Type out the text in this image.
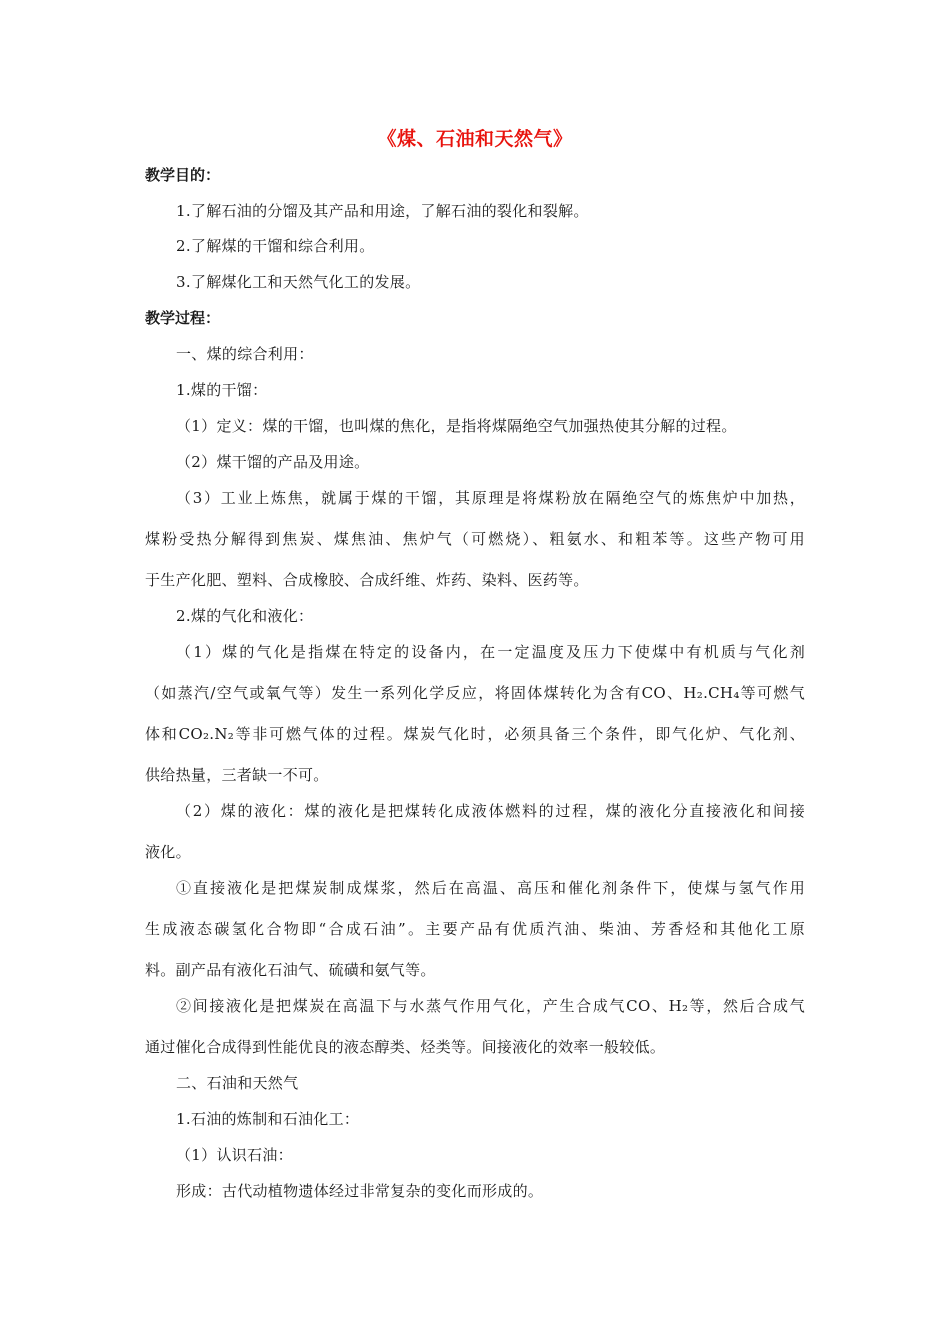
《煤、石油和天然气》
教学目的：
1.了解石油的分馏及其产品和用途，了解石油的裂化和裂解。
2.了解煤的干馏和综合利用。
3.了解煤化工和天然气化工的发展。
教学过程：
一、煤的综合利用：
1.煤的干馏：
（1）定义：煤的干馏，也叫煤的焦化，是指将煤隔绝空气加强热使其分解的过程。
（2）煤干馏的产品及用途。
（3）工业上炼焦，就属于煤的干馏，其原理是将煤粉放在隔绝空气的炼焦炉中加热，
煤粉受热分解得到焦炭、煤焦油、焦炉气（可燃烧）、粗氨水、和粗苯等。这些产物可用
于生产化肥、塑料、合成橡胶、合成纤维、炸药、染料、医药等。
2.煤的气化和液化：
（1）煤的气化是指煤在特定的设备内，在一定温度及压力下使煤中有机质与气化剂
（如蒸汽/空气或氧气等）发生一系列化学反应，将固体煤转化为含有CO、H₂.CH₄等可燃气
体和CO₂.N₂等非可燃气体的过程。煤炭气化时，必须具备三个条件，即气化炉、气化剂、
供给热量，三者缺一不可。
（2）煤的液化：煤的液化是把煤转化成液体燃料的过程，煤的液化分直接液化和间接
液化。
①直接液化是把煤炭制成煤浆，然后在高温、高压和催化剂条件下，使煤与氢气作用
生成液态碳氢化合物即“合成石油”。主要产品有优质汽油、柴油、芳香烃和其他化工原
料。副产品有液化石油气、硫磺和氨气等。
②间接液化是把煤炭在高温下与水蒸气作用气化，产生合成气CO、H₂等，然后合成气
通过催化合成得到性能优良的液态醇类、烃类等。间接液化的效率一般较低。
二、石油和天然气
1.石油的炼制和石油化工：
（1）认识石油：
形成：古代动植物遗体经过非常复杂的变化而形成的。
